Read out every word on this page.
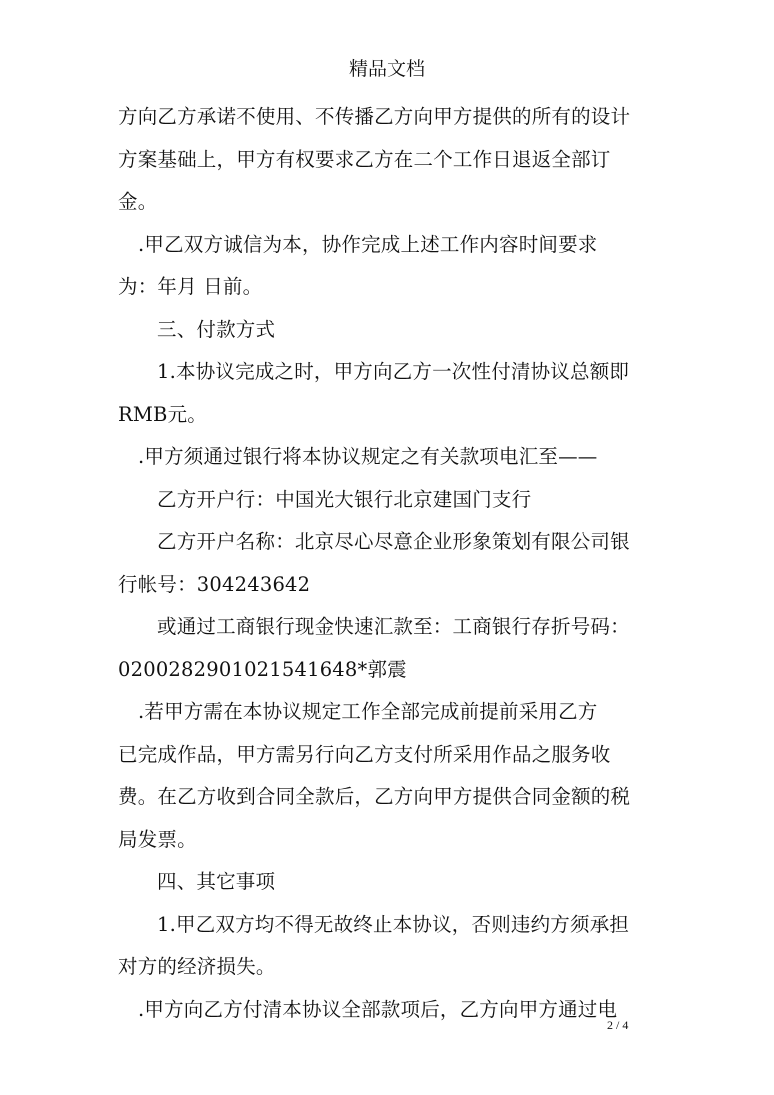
精品文档
方向乙方承诺不使用、不传播乙方向甲方提供的所有的设计
方案基础上，甲方有权要求乙方在二个工作日退返全部订
金。
.甲乙双方诚信为本，协作完成上述工作内容时间要求
为：年月 日前。
三、付款方式
1.本协议完成之时，甲方向乙方一次性付清协议总额即
RMB元。
.甲方须通过银行将本协议规定之有关款项电汇至——
乙方开户行：中国光大银行北京建国门支行
乙方开户名称：北京尽心尽意企业形象策划有限公司银
行帐号：304243642
或通过工商银行现金快速汇款至：工商银行存折号码：
0200282901021541648*郭震
.若甲方需在本协议规定工作全部完成前提前采用乙方
已完成作品，甲方需另行向乙方支付所采用作品之服务收
费。在乙方收到合同全款后，乙方向甲方提供合同金额的税
局发票。
四、其它事项
1.甲乙双方均不得无故终止本协议，否则违约方须承担
对方的经济损失。
.甲方向乙方付清本协议全部款项后，乙方向甲方通过电
2 / 4
